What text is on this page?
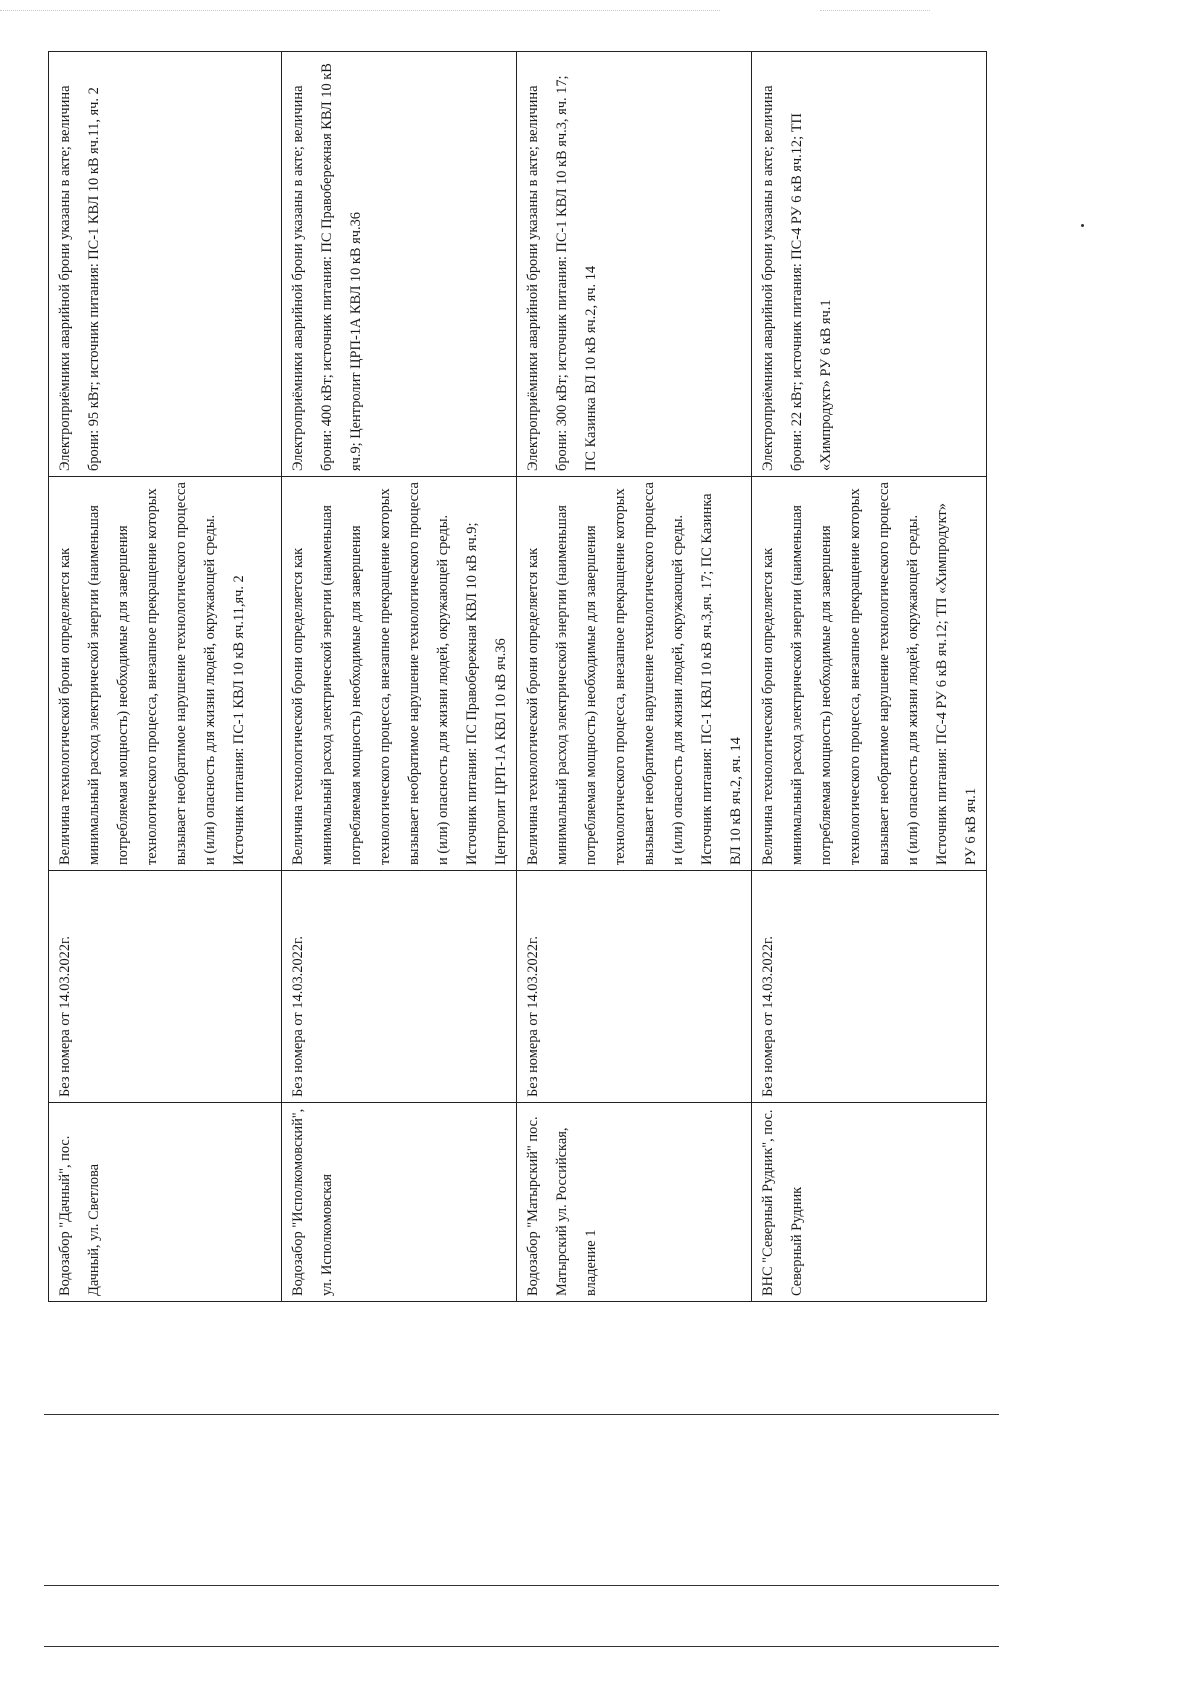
Водозабор "Дачный", пос. Дачный, ул. Светлова	Без номера от 14.03.2022г.	Величина технологической брони определяется как минимальный расход электрической энергии (наименьшая потребляемая мощность) необходимые для завершения технологического процесса, внезапное прекращение которых вызывает необратимое нарушение технологического процесса и (или) опасность для жизни людей, окружающей среды. Источник питания: ПС-1 КВЛ 10 кВ яч.11,яч. 2	Электроприёмники аварийной брони указаны в акте; величина брони: 95 кВт; источник питания: ПС-1 КВЛ 10 кВ яч.11, яч. 2
Водозабор "Исполкомовский", ул. Исполкомовская	Без номера от 14.03.2022г.	Величина технологической брони определяется как минимальный расход электрической энергии (наименьшая потребляемая мощность) необходимые для завершения технологического процесса, внезапное прекращение которых вызывает необратимое нарушение технологического процесса и (или) опасность для жизни людей, окружающей среды. Источник питания: ПС Правобережная КВЛ 10 кВ яч.9; Центролит ЦРП-1А КВЛ 10 кВ яч.36	Электроприёмники аварийной брони указаны в акте; величина брони: 400 кВт; источник питания: ПС Правобережная КВЛ 10 кВ яч.9; Центролит ЦРП-1А КВЛ 10 кВ яч.36
Водозабор "Матырский" пос. Матырский ул. Российская, владение 1	Без номера от 14.03.2022г.	Величина технологической брони определяется как минимальный расход электрической энергии (наименьшая потребляемая мощность) необходимые для завершения технологического процесса, внезапное прекращение которых вызывает необратимое нарушение технологического процесса и (или) опасность для жизни людей, окружающей среды. Источник питания: ПС-1 КВЛ 10 кВ яч.3,яч. 17; ПС Казинка ВЛ 10 кВ яч.2, яч. 14	Электроприёмники аварийной брони указаны в акте; величина брони: 300 кВт; источник питания: ПС-1 КВЛ 10 кВ яч.3, яч. 17; ПС Казинка ВЛ 10 кВ яч.2, яч. 14
ВНС "Северный Рудник", пос. Северный Рудник	Без номера от 14.03.2022г.	Величина технологической брони определяется как минимальный расход электрической энергии (наименьшая потребляемая мощность) необходимые для завершения технологического процесса, внезапное прекращение которых вызывает необратимое нарушение технологического процесса и (или) опасность для жизни людей, окружающей среды. Источник питания: ПС-4 РУ 6 кВ яч.12; ТП «Химпродукт» РУ 6 кВ яч.1	Электроприёмники аварийной брони указаны в акте; величина брони: 22 кВт; источник питания: ПС-4 РУ 6 кВ яч.12; ТП «Химпродукт» РУ 6 кВ яч.1
